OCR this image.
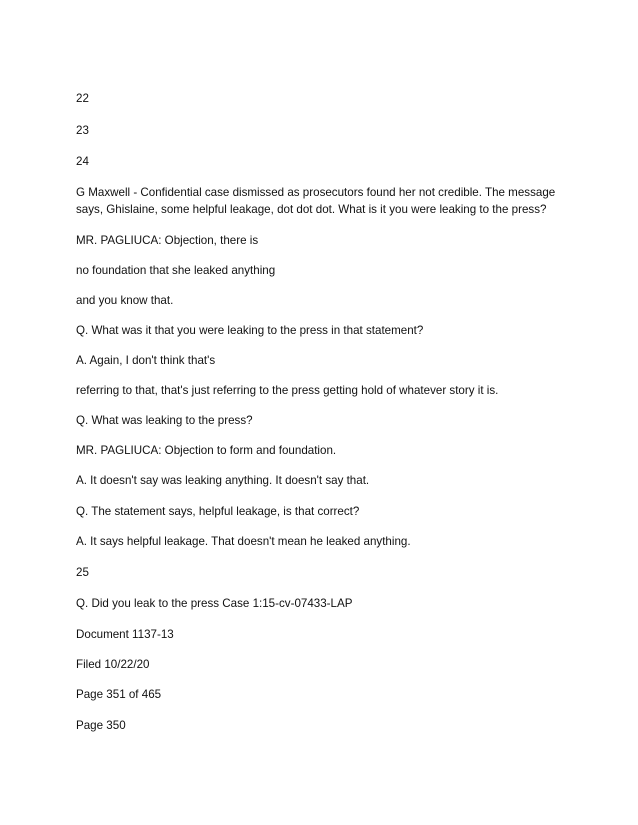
22

23

24

G Maxwell - Confidential case dismissed as prosecutors found her not credible. The message says, Ghislaine, some helpful leakage, dot dot dot. What is it you were leaking to the press?

MR. PAGLIUCA: Objection, there is

no foundation that she leaked anything

and you know that.

Q. What was it that you were leaking to the press in that statement?

A. Again, I don't think that's

referring to that, that's just referring to the press getting hold of whatever story it is.

Q. What was leaking to the press?

MR. PAGLIUCA: Objection to form and foundation.

A. It doesn't say was leaking anything. It doesn't say that.

Q. The statement says, helpful leakage, is that correct?

A. It says helpful leakage. That doesn't mean he leaked anything.

25

Q. Did you leak to the press Case 1:15-cv-07433-LAP

Document 1137-13

Filed 10/22/20

Page 351 of 465

Page 350
